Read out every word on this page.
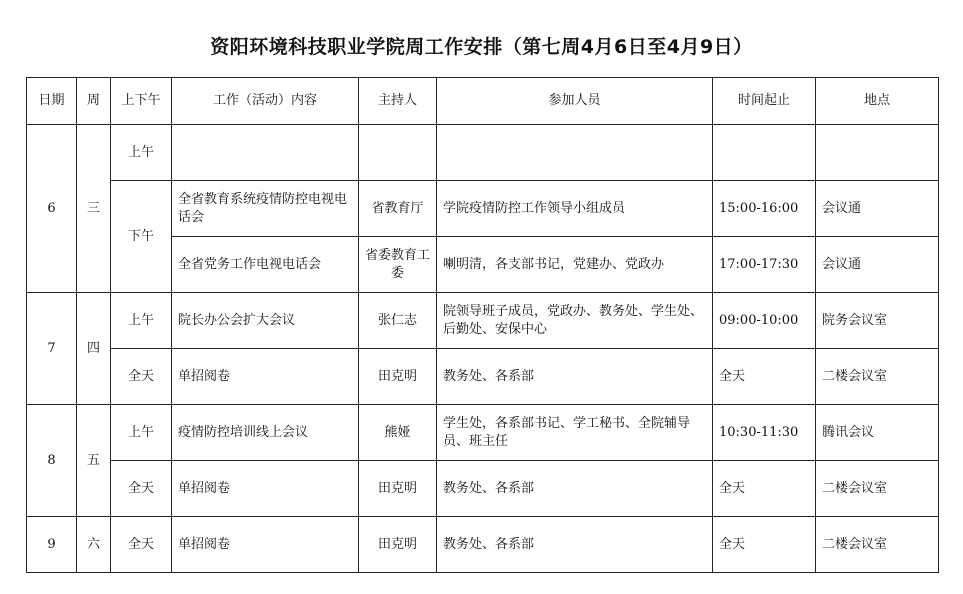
资阳环境科技职业学院周工作安排（第七周4月6日至4月9日）
日期	周	上下午	工作（活动）内容	主持人	参加人员	时间起止	地点
6	三	上午					
		下午	全省教育系统疫情防控电视电话会	省教育厅	学院疫情防控工作领导小组成员	15:00-16:00	会议通
			全省党务工作电视电话会	省委教育工委	喇明清，各支部书记，党建办、党政办	17:00-17:30	会议通
7	四	上午	院长办公会扩大会议	张仁志	院领导班子成员，党政办、教务处、学生处、后勤处、安保中心	09:00-10:00	院务会议室
		全天	单招阅卷	田克明	教务处、各系部	全天	二楼会议室
8	五	上午	疫情防控培训线上会议	熊娅	学生处，各系部书记、学工秘书、全院辅导员、班主任	10:30-11:30	腾讯会议
		全天	单招阅卷	田克明	教务处、各系部	全天	二楼会议室
9	六	全天	单招阅卷	田克明	教务处、各系部	全天	二楼会议室
